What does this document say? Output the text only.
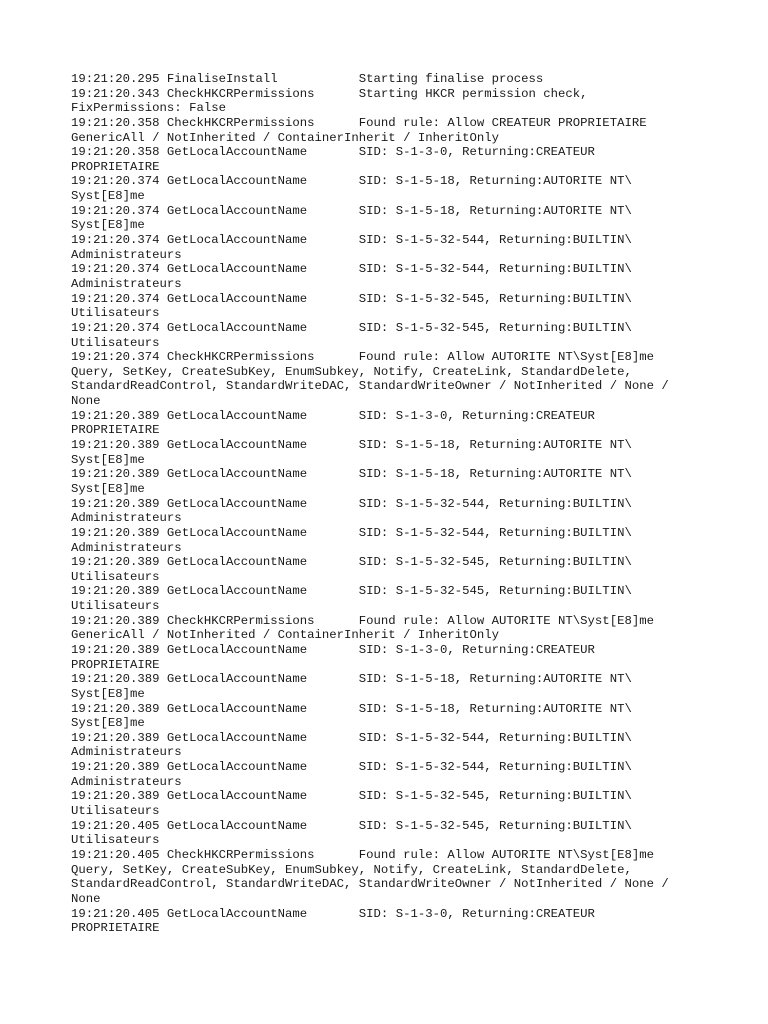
19:21:20.295 FinaliseInstall           Starting finalise process
19:21:20.343 CheckHKCRPermissions      Starting HKCR permission check,
FixPermissions: False
19:21:20.358 CheckHKCRPermissions      Found rule: Allow CREATEUR PROPRIETAIRE
GenericAll / NotInherited / ContainerInherit / InheritOnly
19:21:20.358 GetLocalAccountName       SID: S-1-3-0, Returning:CREATEUR
PROPRIETAIRE
19:21:20.374 GetLocalAccountName       SID: S-1-5-18, Returning:AUTORITE NT\
Syst[E8]me
19:21:20.374 GetLocalAccountName       SID: S-1-5-18, Returning:AUTORITE NT\
Syst[E8]me
19:21:20.374 GetLocalAccountName       SID: S-1-5-32-544, Returning:BUILTIN\
Administrateurs
19:21:20.374 GetLocalAccountName       SID: S-1-5-32-544, Returning:BUILTIN\
Administrateurs
19:21:20.374 GetLocalAccountName       SID: S-1-5-32-545, Returning:BUILTIN\
Utilisateurs
19:21:20.374 GetLocalAccountName       SID: S-1-5-32-545, Returning:BUILTIN\
Utilisateurs
19:21:20.374 CheckHKCRPermissions      Found rule: Allow AUTORITE NT\Syst[E8]me
Query, SetKey, CreateSubKey, EnumSubkey, Notify, CreateLink, StandardDelete,
StandardReadControl, StandardWriteDAC, StandardWriteOwner / NotInherited / None /
None
19:21:20.389 GetLocalAccountName       SID: S-1-3-0, Returning:CREATEUR
PROPRIETAIRE
19:21:20.389 GetLocalAccountName       SID: S-1-5-18, Returning:AUTORITE NT\
Syst[E8]me
19:21:20.389 GetLocalAccountName       SID: S-1-5-18, Returning:AUTORITE NT\
Syst[E8]me
19:21:20.389 GetLocalAccountName       SID: S-1-5-32-544, Returning:BUILTIN\
Administrateurs
19:21:20.389 GetLocalAccountName       SID: S-1-5-32-544, Returning:BUILTIN\
Administrateurs
19:21:20.389 GetLocalAccountName       SID: S-1-5-32-545, Returning:BUILTIN\
Utilisateurs
19:21:20.389 GetLocalAccountName       SID: S-1-5-32-545, Returning:BUILTIN\
Utilisateurs
19:21:20.389 CheckHKCRPermissions      Found rule: Allow AUTORITE NT\Syst[E8]me
GenericAll / NotInherited / ContainerInherit / InheritOnly
19:21:20.389 GetLocalAccountName       SID: S-1-3-0, Returning:CREATEUR
PROPRIETAIRE
19:21:20.389 GetLocalAccountName       SID: S-1-5-18, Returning:AUTORITE NT\
Syst[E8]me
19:21:20.389 GetLocalAccountName       SID: S-1-5-18, Returning:AUTORITE NT\
Syst[E8]me
19:21:20.389 GetLocalAccountName       SID: S-1-5-32-544, Returning:BUILTIN\
Administrateurs
19:21:20.389 GetLocalAccountName       SID: S-1-5-32-544, Returning:BUILTIN\
Administrateurs
19:21:20.389 GetLocalAccountName       SID: S-1-5-32-545, Returning:BUILTIN\
Utilisateurs
19:21:20.405 GetLocalAccountName       SID: S-1-5-32-545, Returning:BUILTIN\
Utilisateurs
19:21:20.405 CheckHKCRPermissions      Found rule: Allow AUTORITE NT\Syst[E8]me
Query, SetKey, CreateSubKey, EnumSubkey, Notify, CreateLink, StandardDelete,
StandardReadControl, StandardWriteDAC, StandardWriteOwner / NotInherited / None /
None
19:21:20.405 GetLocalAccountName       SID: S-1-3-0, Returning:CREATEUR
PROPRIETAIRE
